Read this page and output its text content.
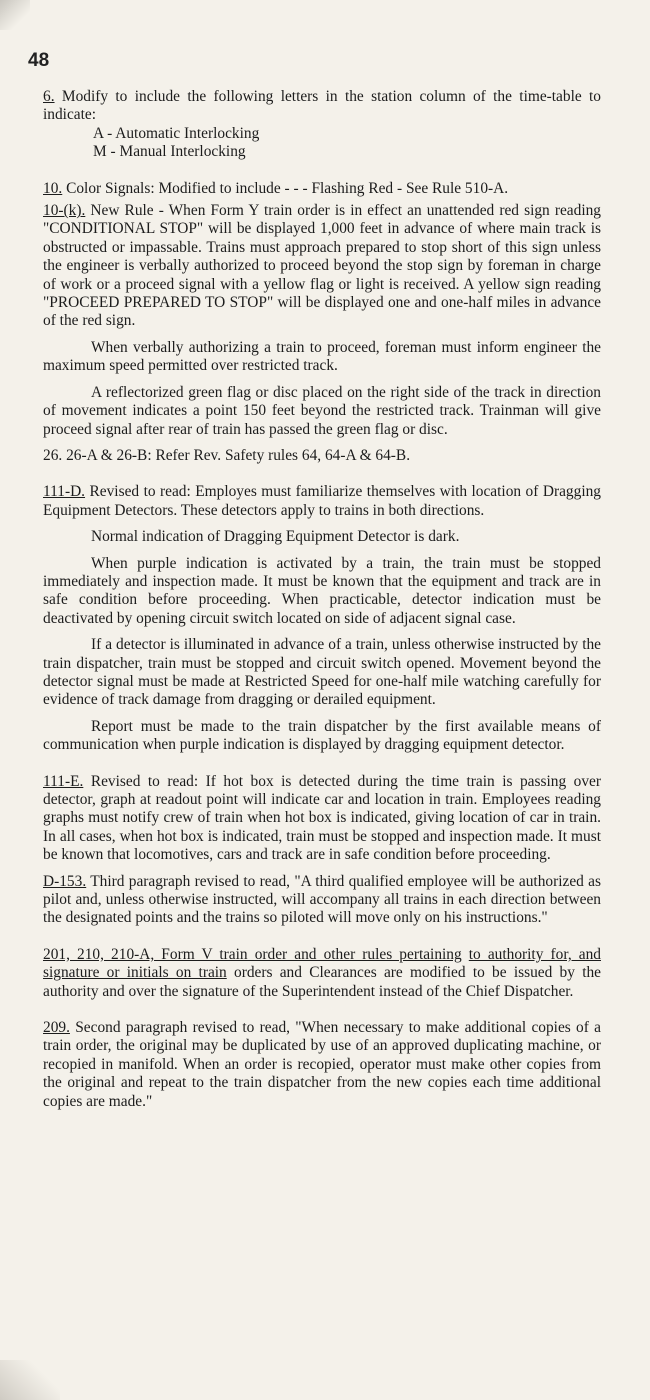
48

6. Modify to include the following letters in the station column of the time-table to indicate:

A - Automatic Interlocking

M - Manual Interlocking

10. Color Signals: Modified to include - - - Flashing Red - See Rule 510-A.

10-(k). New Rule - When Form Y train order is in effect an unattended red sign reading "CONDITIONAL STOP" will be displayed 1,000 feet in advance of where main track is obstructed or impassable. Trains must approach prepared to stop short of this sign unless the engineer is verbally authorized to proceed beyond the stop sign by foreman in charge of work or a proceed signal with a yellow flag or light is received. A yellow sign reading "PROCEED PREPARED TO STOP" will be displayed one and one-half miles in advance of the red sign.

When verbally authorizing a train to proceed, foreman must inform engineer the maximum speed permitted over restricted track.

A reflectorized green flag or disc placed on the right side of the track in direction of movement indicates a point 150 feet beyond the restricted track. Trainman will give proceed signal after rear of train has passed the green flag or disc.

26. 26-A & 26-B: Refer Rev. Safety rules 64, 64-A & 64-B.

111-D. Revised to read: Employes must familiarize themselves with location of Dragging Equipment Detectors. These detectors apply to trains in both directions.

Normal indication of Dragging Equipment Detector is dark.

When purple indication is activated by a train, the train must be stopped immediately and inspection made. It must be known that the equipment and track are in safe condition before proceeding. When practicable, detector indication must be deactivated by opening circuit switch located on side of adjacent signal case.

If a detector is illuminated in advance of a train, unless otherwise instructed by the train dispatcher, train must be stopped and circuit switch opened. Movement beyond the detector signal must be made at Restricted Speed for one-half mile watching carefully for evidence of track damage from dragging or derailed equipment.

Report must be made to the train dispatcher by the first available means of communication when purple indication is displayed by dragging equipment detector.

111-E. Revised to read: If hot box is detected during the time train is passing over detector, graph at readout point will indicate car and location in train. Employees reading graphs must notify crew of train when hot box is indicated, giving location of car in train. In all cases, when hot box is indicated, train must be stopped and inspection made. It must be known that locomotives, cars and track are in safe condition before proceeding.

D-153. Third paragraph revised to read, "A third qualified employee will be authorized as pilot and, unless otherwise instructed, will accompany all trains in each direction between the designated points and the trains so piloted will move only on his instructions."

201, 210, 210-A, Form V train order and other rules pertaining to authority for, and signature or initials on train orders and Clearances are modified to be issued by the authority and over the signature of the Superintendent instead of the Chief Dispatcher.

209. Second paragraph revised to read, "When necessary to make additional copies of a train order, the original may be duplicated by use of an approved duplicating machine, or recopied in manifold. When an order is recopied, operator must make other copies from the original and repeat to the train dispatcher from the new copies each time additional copies are made."
